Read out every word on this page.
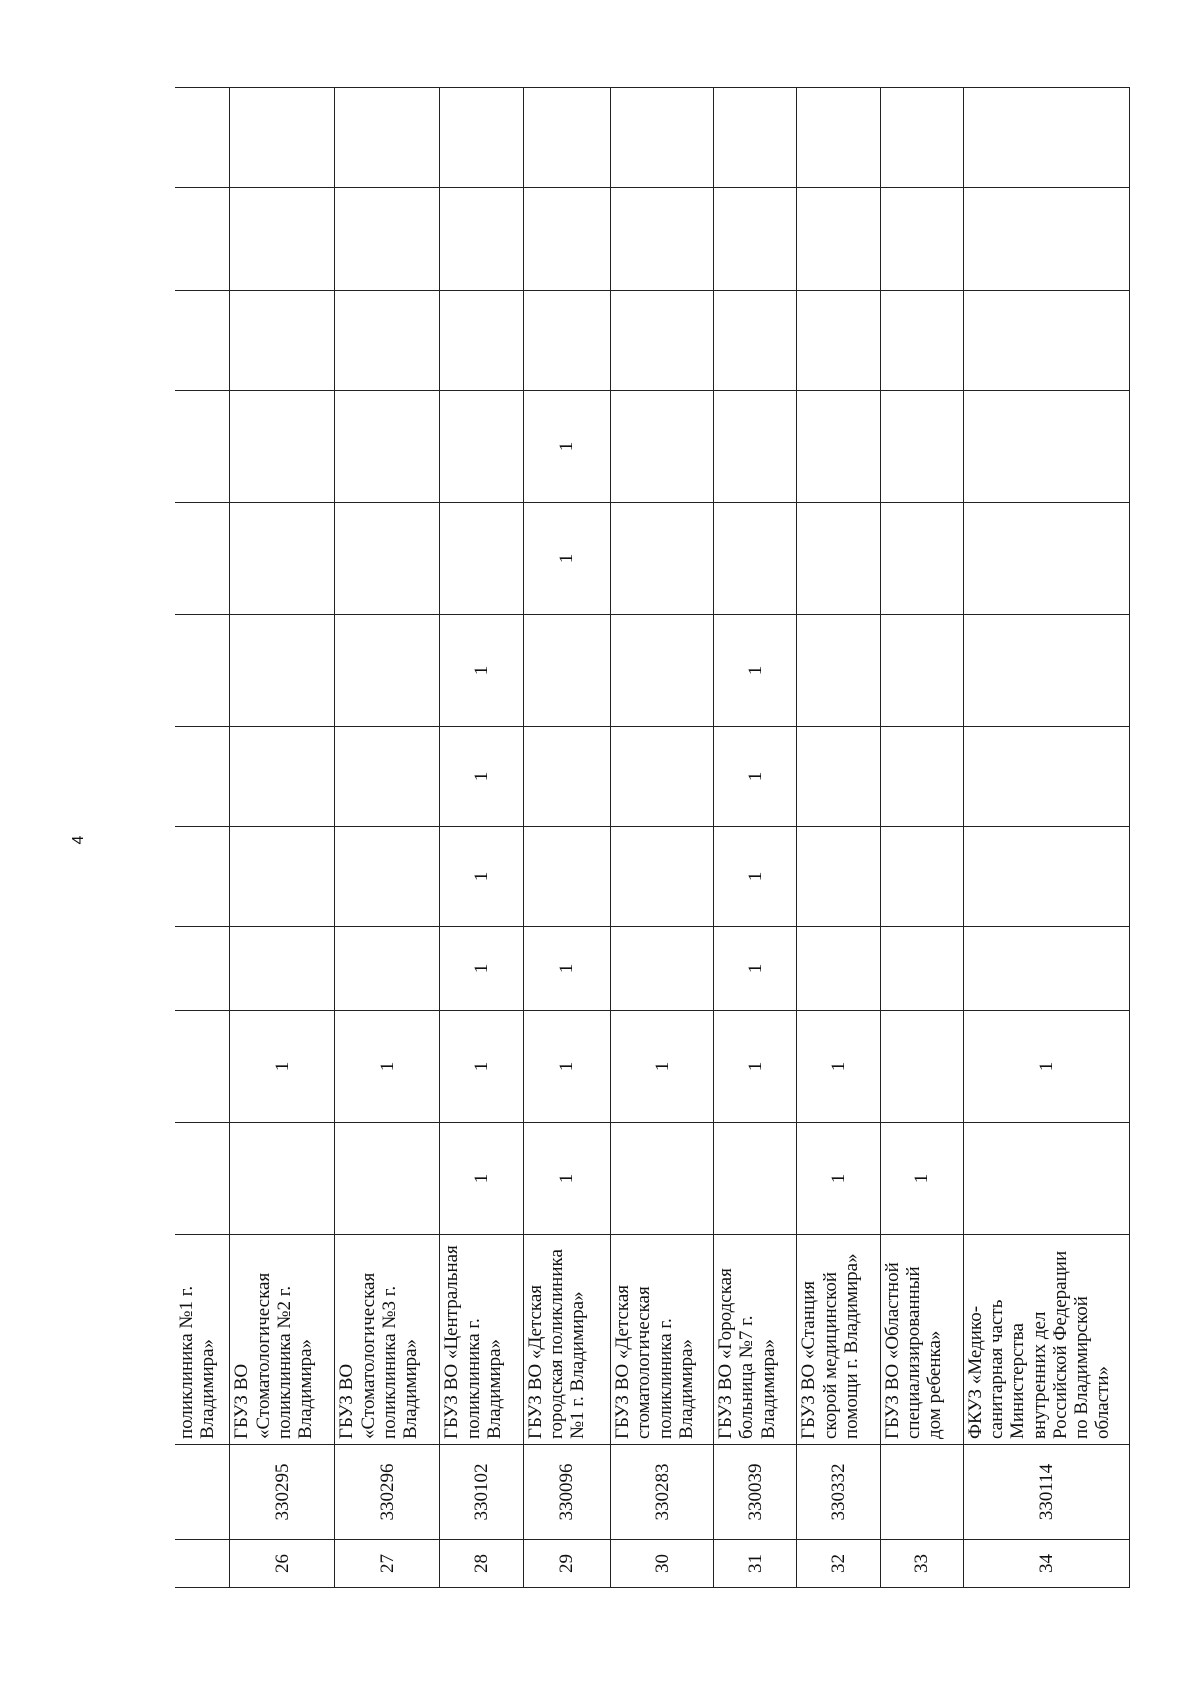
4
		поликлиника №1 г. Владимира»											
26	330295	ГБУЗ ВО «Стоматологическая поликлиника №2 г. Владимира»		1									
27	330296	ГБУЗ ВО «Стоматологическая поликлиника №3 г. Владимира»		1									
28	330102	ГБУЗ ВО «Центральная поликлиника г. Владимира»	1	1	1	1	1	1					
29	330096	ГБУЗ ВО «Детская городская поликлиника №1 г. Владимира»	1	1	1				1	1			
30	330283	ГБУЗ ВО «Детская стоматологическая поликлиника г. Владимира»		1									
31	330039	ГБУЗ ВО «Городская больница №7 г. Владимира»		1	1	1	1	1					
32	330332	ГБУЗ ВО «Станция скорой медицинской помощи г. Владимира»	1	1									
33		ГБУЗ ВО «Областной специализированный дом ребенка»	1										
34	330114	ФКУЗ «Медико-санитарная часть Министерства внутренних дел Российской Федерации по Владимирской области»		1									
